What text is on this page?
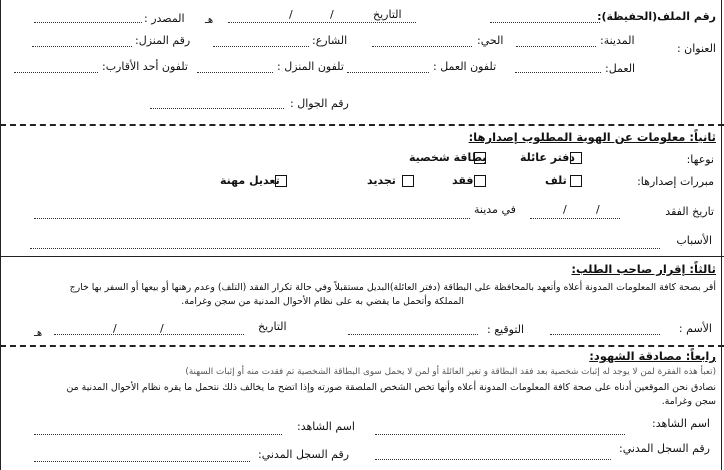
رقم الملف(الحفيظة):
التاريخ
/
/
هـ
المصدر :
العنوان :
المدينة:
الحي:
الشارع:
رقم المنزل:
العمل:
تلفون العمل :
تلفون المنزل :
تلفون أحد الأقارب:
رقم الجوال :
ثانياً: معلومات عن الهوية المطلوب إصدارها:
نوعها:
دفتر عائلة
بطاقة شخصية
مبررات إصدارها:
تلف
فقد
تجديد
تعديل مهنة
تاريخ الفقد
/
/
في مدينة
الأسباب
ثالثاً: إقرار صاحب الطلب:
أقر بصحة كافة المعلومات المدونة أعلاه وأتعهد بالمحافظة على البطاقة (دفتر العائلة)البديل مستقبلاً وفي حالة تكرار الفقد (التلف) وعدم رهنها أو بيعها أو السفر بها خارج
المملكة وأتحمل ما يقضي به على نظام الأحوال المدنية من سجن وغرامة.
الأسم :
التوقيع :
التاريخ
/
/
هـ
رابعاً: مصادقة الشهود:
(تعبأ هذه الفقرة لمن لا يوجد له إثبات شخصية بعد فقد البطاقة و تغير العائلة أو لمن لا يحمل سوى البطاقة الشخصية تم فقدت منه أو إثبات السهنة)
نصادق نحن الموقعين أدناه على صحة كافة المعلومات المدونة أعلاه وأنها تخص الشخص الملصقة صورته وإذا اتضح ما يخالف ذلك نتحمل ما يقره نظام الأحوال المدنية من
سجن وغرامة.
اسم الشاهد:
اسم الشاهد:
رقم السجل المدني:
رقم السجل المدني:
